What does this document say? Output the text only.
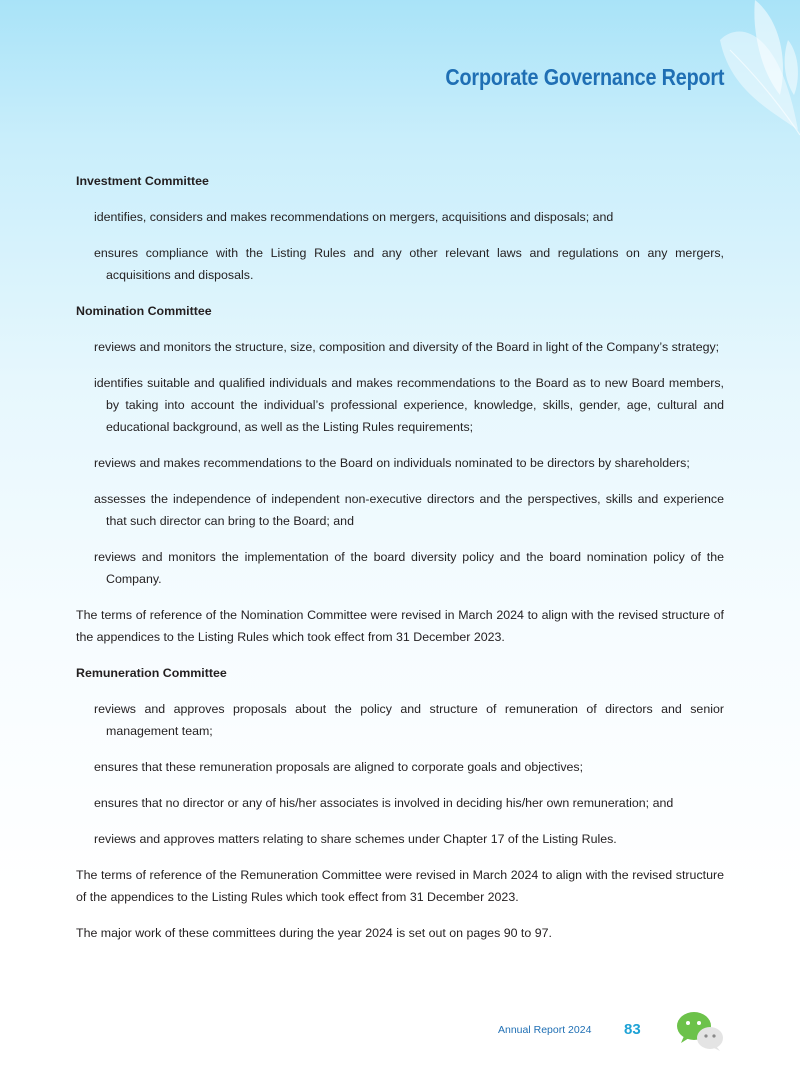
Corporate Governance Report
Investment Committee
identifies, considers and makes recommendations on mergers, acquisitions and disposals; and
ensures compliance with the Listing Rules and any other relevant laws and regulations on any mergers, acquisitions and disposals.
Nomination Committee
reviews and monitors the structure, size, composition and diversity of the Board in light of the Company’s strategy;
identifies suitable and qualified individuals and makes recommendations to the Board as to new Board members, by taking into account the individual’s professional experience, knowledge, skills, gender, age, cultural and educational background, as well as the Listing Rules requirements;
reviews and makes recommendations to the Board on individuals nominated to be directors by shareholders;
assesses the independence of independent non-executive directors and the perspectives, skills and experience that such director can bring to the Board; and
reviews and monitors the implementation of the board diversity policy and the board nomination policy of the Company.
The terms of reference of the Nomination Committee were revised in March 2024 to align with the revised structure of the appendices to the Listing Rules which took effect from 31 December 2023.
Remuneration Committee
reviews and approves proposals about the policy and structure of remuneration of directors and senior management team;
ensures that these remuneration proposals are aligned to corporate goals and objectives;
ensures that no director or any of his/her associates is involved in deciding his/her own remuneration; and
reviews and approves matters relating to share schemes under Chapter 17 of the Listing Rules.
The terms of reference of the Remuneration Committee were revised in March 2024 to align with the revised structure of the appendices to the Listing Rules which took effect from 31 December 2023.
The major work of these committees during the year 2024 is set out on pages 90 to 97.
Annual Report 2024 83
